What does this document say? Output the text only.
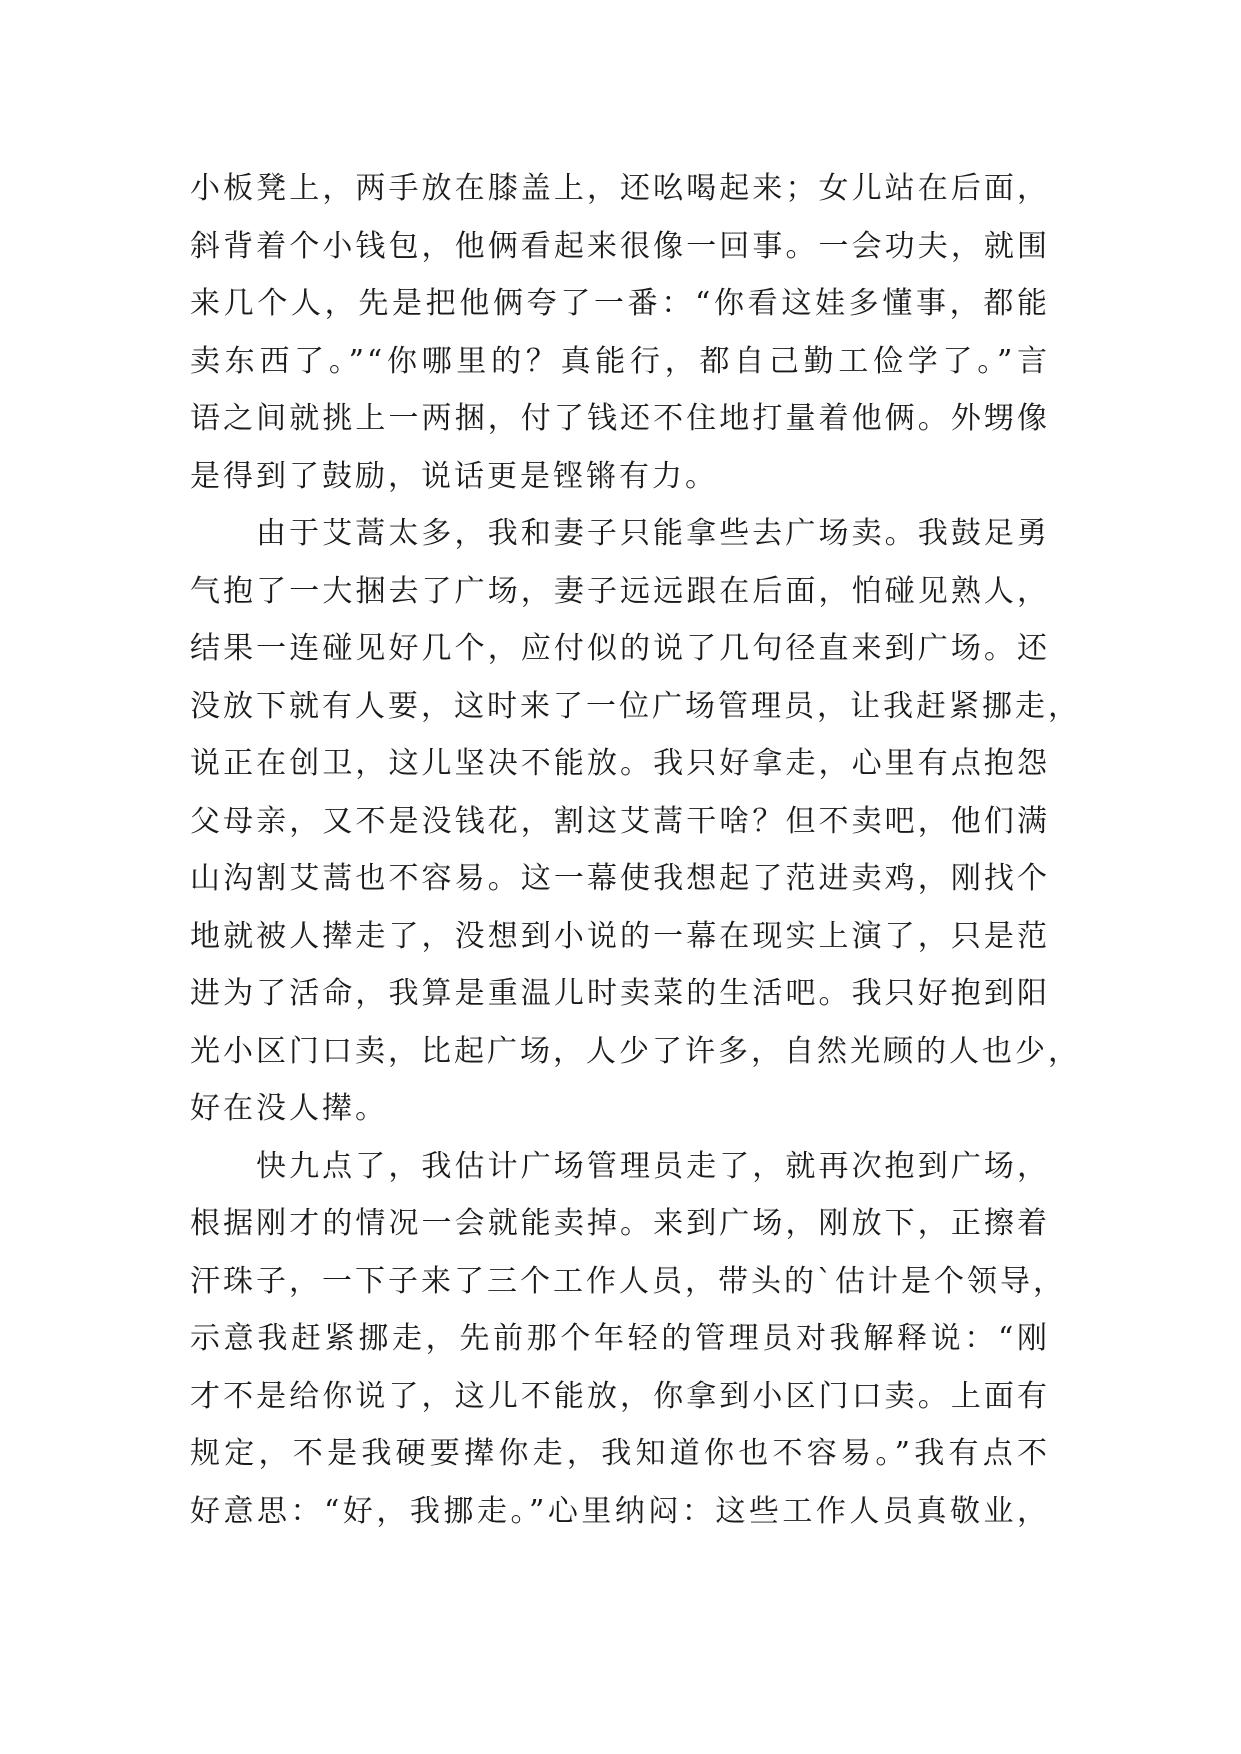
小板凳上，两手放在膝盖上，还吆喝起来；女儿站在后面，
斜背着个小钱包，他俩看起来很像一回事。一会功夫，就围
来几个人，先是把他俩夸了一番：“你看这娃多懂事，都能
卖东西了。”“你哪里的？真能行，都自己勤工俭学了。”言
语之间就挑上一两捆，付了钱还不住地打量着他俩。外甥像
是得到了鼓励，说话更是铿锵有力。
由于艾蒿太多，我和妻子只能拿些去广场卖。我鼓足勇
气抱了一大捆去了广场，妻子远远跟在后面，怕碰见熟人，
结果一连碰见好几个，应付似的说了几句径直来到广场。还
没放下就有人要，这时来了一位广场管理员，让我赶紧挪走，
说正在创卫，这儿坚决不能放。我只好拿走，心里有点抱怨
父母亲，又不是没钱花，割这艾蒿干啥？但不卖吧，他们满
山沟割艾蒿也不容易。这一幕使我想起了范进卖鸡，刚找个
地就被人撵走了，没想到小说的一幕在现实上演了，只是范
进为了活命，我算是重温儿时卖菜的生活吧。我只好抱到阳
光小区门口卖，比起广场，人少了许多，自然光顾的人也少，
好在没人撵。
快九点了，我估计广场管理员走了，就再次抱到广场，
根据刚才的情况一会就能卖掉。来到广场，刚放下，正擦着
汗珠子，一下子来了三个工作人员，带头的`估计是个领导，
示意我赶紧挪走，先前那个年轻的管理员对我解释说：“刚
才不是给你说了，这儿不能放，你拿到小区门口卖。上面有
规定，不是我硬要撵你走，我知道你也不容易。”我有点不
好意思：“好，我挪走。”心里纳闷：这些工作人员真敬业，
